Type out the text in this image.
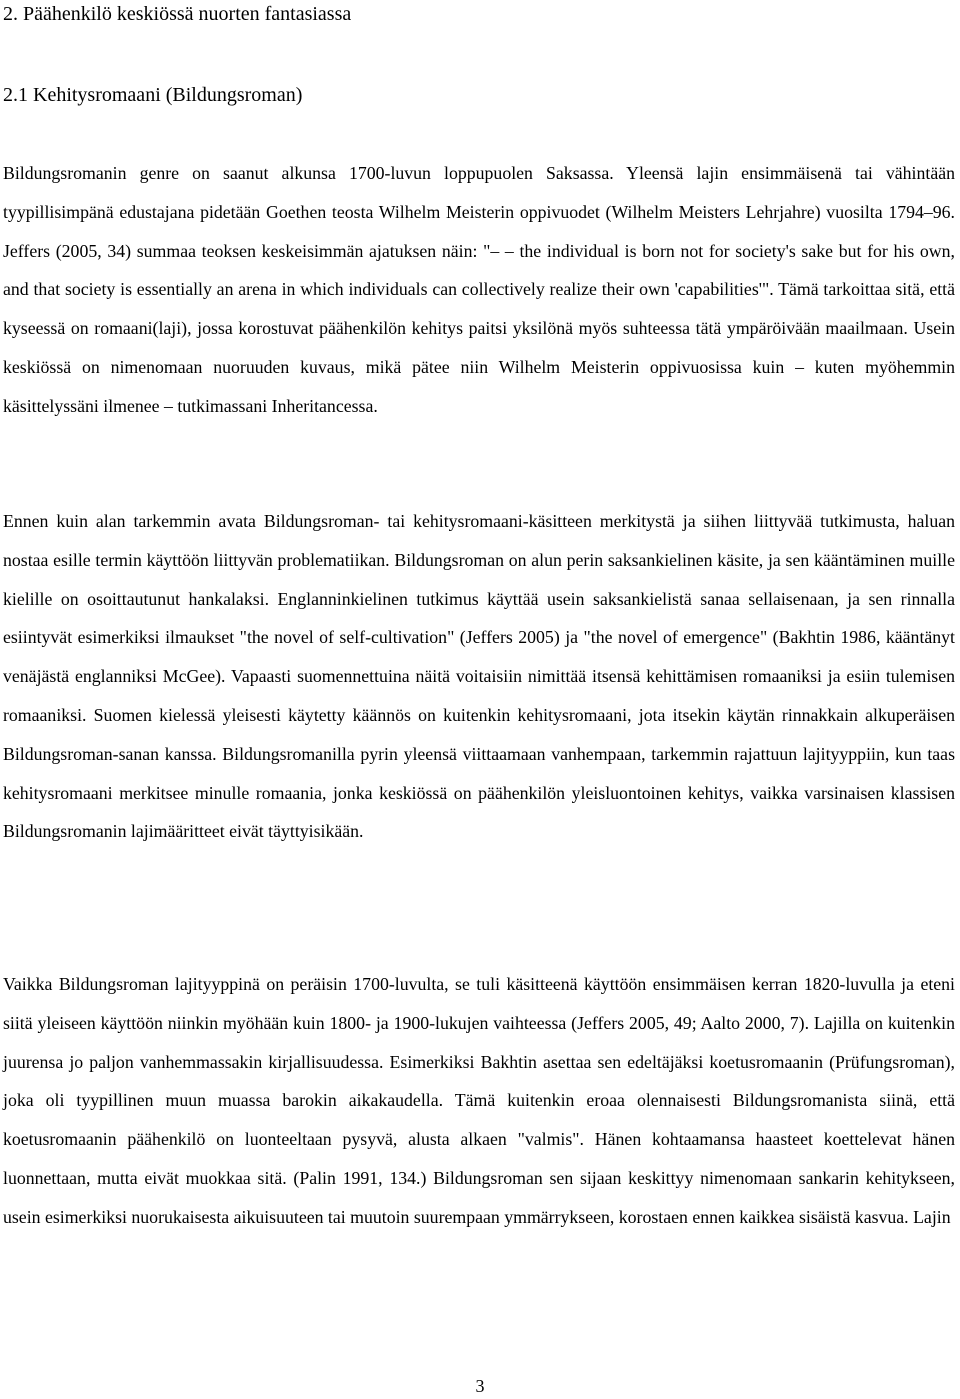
2. Päähenkilö keskiössä nuorten fantasiassa
2.1 Kehitysromaani (Bildungsroman)

Bildungsromanin genre on saanut alkunsa 1700-luvun loppupuolen Saksassa. Yleensä lajin ensimmäisenä tai vähintään tyypillisimpänä edustajana pidetään Goethen teosta Wilhelm Meisterin oppivuodet (Wilhelm Meisters Lehrjahre) vuosilta 1794–96. Jeffers (2005, 34) summaa teoksen keskeisimmän ajatuksen näin: "– – the individual is born not for society's sake but for his own, and that society is essentially an arena in which individuals can collectively realize their own 'capabilities'". Tämä tarkoittaa sitä, että kyseessä on romaani(laji), jossa korostuvat päähenkilön kehitys paitsi yksilönä myös suhteessa tätä ympäröivään maailmaan. Usein keskiössä on nimenomaan nuoruuden kuvaus, mikä pätee niin Wilhelm Meisterin oppivuosissa kuin – kuten myöhemmin käsittelyssäni ilmenee – tutkimassani Inheritancessa.

Ennen kuin alan tarkemmin avata Bildungsroman- tai kehitysromaani-käsitteen merkitystä ja siihen liittyvää tutkimusta, haluan nostaa esille termin käyttöön liittyvän problematiikan. Bildungsroman on alun perin saksankielinen käsite, ja sen kääntäminen muille kielille on osoittautunut hankalaksi. Englanninkielinen tutkimus käyttää usein saksankielistä sanaa sellaisenaan, ja sen rinnalla esiintyvät esimerkiksi ilmaukset "the novel of self-cultivation" (Jeffers 2005) ja "the novel of emergence" (Bakhtin 1986, kääntänyt venäjästä englanniksi McGee). Vapaasti suomennettuina näitä voitaisiin nimittää itsensä kehittämisen romaaniksi ja esiin tulemisen romaaniksi. Suomen kielessä yleisesti käytetty käännös on kuitenkin kehitysromaani, jota itsekin käytän rinnakkain alkuperäisen Bildungsroman-sanan kanssa. Bildungsromanilla pyrin yleensä viittaamaan vanhempaan, tarkemmin rajattuun lajityyppiin, kun taas kehitysromaani merkitsee minulle romaania, jonka keskiössä on päähenkilön yleisluontoinen kehitys, vaikka varsinaisen klassisen Bildungsromanin lajimääritteet eivät täyttyisikään.

Vaikka Bildungsroman lajityyppinä on peräisin 1700-luvulta, se tuli käsitteenä käyttöön ensimmäisen kerran 1820-luvulla ja eteni siitä yleiseen käyttöön niinkin myöhään kuin 1800- ja 1900-lukujen vaihteessa (Jeffers 2005, 49; Aalto 2000, 7). Lajilla on kuitenkin juurensa jo paljon vanhemmassakin kirjallisuudessa. Esimerkiksi Bakhtin asettaa sen edeltäjäksi koetusromaanin (Prüfungsroman), joka oli tyypillinen muun muassa barokin aikakaudella. Tämä kuitenkin eroaa olennaisesti Bildungsromanista siinä, että koetusromaanin päähenkilö on luonteeltaan pysyvä, alusta alkaen "valmis". Hänen kohtaamansa haasteet koettelevat hänen luonnettaan, mutta eivät muokkaa sitä. (Palin 1991, 134.) Bildungsroman sen sijaan keskittyy nimenomaan sankarin kehitykseen, usein esimerkiksi nuorukaisesta aikuisuuteen tai muutoin suurempaan ymmärrykseen, korostaen ennen kaikkea sisäistä kasvua. Lajin

3
